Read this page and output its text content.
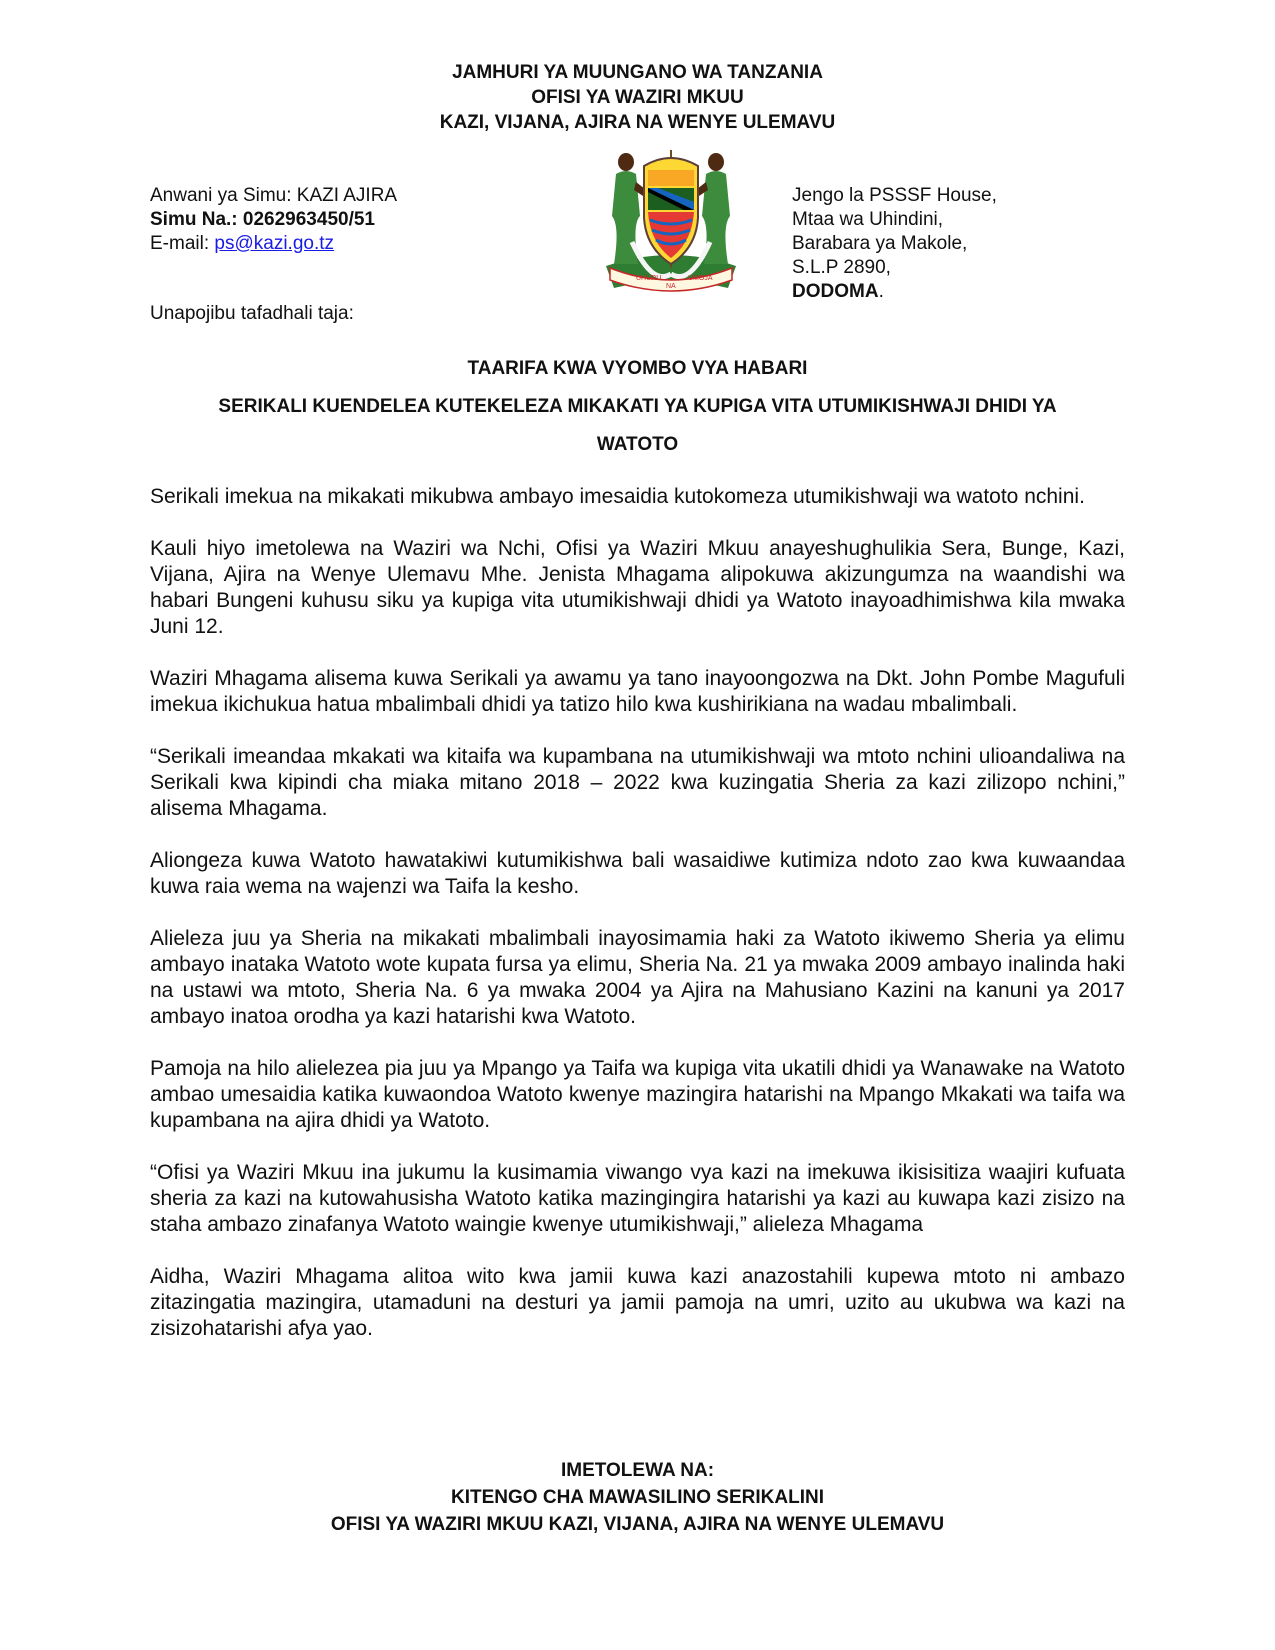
JAMHURI YA MUUNGANO WA TANZANIA
OFISI YA WAZIRI MKUU
KAZI, VIJANA, AJIRA NA WENYE ULEMAVU
Anwani ya Simu: KAZI AJIRA
Simu Na.: 0262963450/51
E-mail: ps@kazi.go.tz
UHURU
NA
UMOJA
Jengo la PSSSF House,
Mtaa wa Uhindini,
Barabara ya Makole,
S.L.P 2890,
DODOMA.
Unapojibu tafadhali taja:
TAARIFA KWA VYOMBO VYA HABARI
SERIKALI KUENDELEA KUTEKELEZA MIKAKATI YA KUPIGA VITA UTUMIKISHWAJI DHIDI YA
WATOTO

Serikali imekua na mikakati mikubwa ambayo imesaidia kutokomeza utumikishwaji wa watoto nchini.

Kauli hiyo imetolewa na Waziri wa Nchi, Ofisi ya Waziri Mkuu anayeshughulikia Sera, Bunge, Kazi, Vijana, Ajira na Wenye Ulemavu Mhe. Jenista Mhagama alipokuwa akizungumza na waandishi wa habari Bungeni kuhusu siku ya kupiga vita utumikishwaji dhidi ya Watoto inayoadhimishwa kila mwaka Juni 12.

Waziri Mhagama alisema kuwa Serikali ya awamu ya tano inayoongozwa na Dkt. John Pombe Magufuli imekua ikichukua hatua mbalimbali dhidi ya tatizo hilo kwa kushirikiana na wadau mbalimbali.

“Serikali imeandaa mkakati wa kitaifa wa kupambana na utumikishwaji wa mtoto nchini ulioandaliwa na Serikali kwa kipindi cha miaka mitano 2018 – 2022 kwa kuzingatia Sheria za kazi zilizopo nchini,” alisema Mhagama.

Aliongeza kuwa Watoto hawatakiwi kutumikishwa bali wasaidiwe kutimiza ndoto zao kwa kuwaandaa kuwa raia wema na wajenzi wa Taifa la kesho.

Alieleza juu ya Sheria na mikakati mbalimbali inayosimamia haki za Watoto ikiwemo Sheria ya elimu ambayo inataka Watoto wote kupata fursa ya elimu, Sheria Na. 21 ya mwaka 2009 ambayo inalinda haki na ustawi wa mtoto, Sheria Na. 6 ya mwaka 2004 ya Ajira na Mahusiano Kazini na kanuni ya 2017 ambayo inatoa orodha ya kazi hatarishi kwa Watoto.

Pamoja na hilo alielezea pia juu ya Mpango ya Taifa wa kupiga vita ukatili dhidi ya Wanawake na Watoto ambao umesaidia katika kuwaondoa Watoto kwenye mazingira hatarishi na Mpango Mkakati wa taifa wa kupambana na ajira dhidi ya Watoto.

“Ofisi ya Waziri Mkuu ina jukumu la kusimamia viwango vya kazi na imekuwa ikisisitiza waajiri kufuata sheria za kazi na kutowahusisha Watoto katika mazingingira hatarishi ya kazi au kuwapa kazi zisizo na staha ambazo zinafanya Watoto waingie kwenye utumikishwaji,” alieleza Mhagama

Aidha, Waziri Mhagama alitoa wito kwa jamii kuwa kazi anazostahili kupewa mtoto ni ambazo zitazingatia mazingira, utamaduni na desturi ya jamii pamoja na umri, uzito au ukubwa wa kazi na zisizohatarishi afya yao.

IMETOLEWA NA:
KITENGO CHA MAWASILINO SERIKALINI
OFISI YA WAZIRI MKUU KAZI, VIJANA, AJIRA NA WENYE ULEMAVU
